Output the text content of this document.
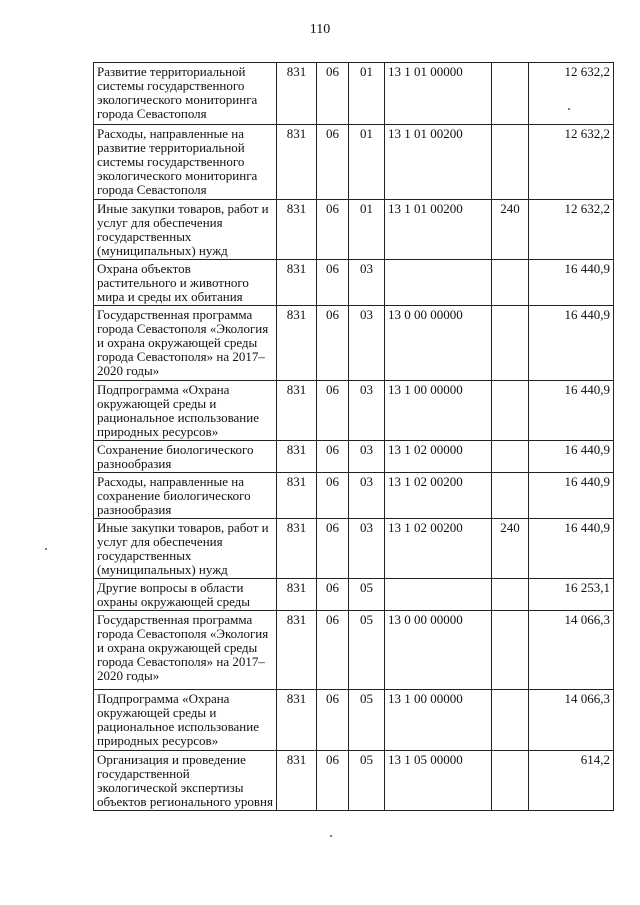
110
Развитие территориальной системы государственного экологического мониторинга города Севастополя	831	06	01	13 1 01 00000		12 632,2
Расходы, направленные на развитие территориальной системы государственного экологического мониторинга города Севастополя	831	06	01	13 1 01 00200		12 632,2
Иные закупки товаров, работ и услуг для обеспечения государственных (муниципальных) нужд	831	06	01	13 1 01 00200	240	12 632,2
Охрана объектов растительного и животного мира и среды их обитания	831	06	03			16 440,9
Государственная программа города Севастополя «Экология и охрана окружающей среды города Севастополя» на 2017–2020 годы»	831	06	03	13 0 00 00000		16 440,9
Подпрограмма «Охрана окружающей среды и рациональное использование природных ресурсов»	831	06	03	13 1 00 00000		16 440,9
Сохранение биологического разнообразия	831	06	03	13 1 02 00000		16 440,9
Расходы, направленные на сохранение биологического разнообразия	831	06	03	13 1 02 00200		16 440,9
Иные закупки товаров, работ и услуг для обеспечения государственных (муниципальных) нужд	831	06	03	13 1 02 00200	240	16 440,9
Другие вопросы в области охраны окружающей среды	831	06	05			16 253,1
Государственная программа города Севастополя «Экология и охрана окружающей среды города Севастополя» на 2017–2020 годы»	831	06	05	13 0 00 00000		14 066,3
Подпрограмма «Охрана окружающей среды и рациональное использование природных ресурсов»	831	06	05	13 1 00 00000		14 066,3
Организация и проведение государственной экологической экспертизы объектов регионального уровня	831	06	05	13 1 05 00000		614,2
